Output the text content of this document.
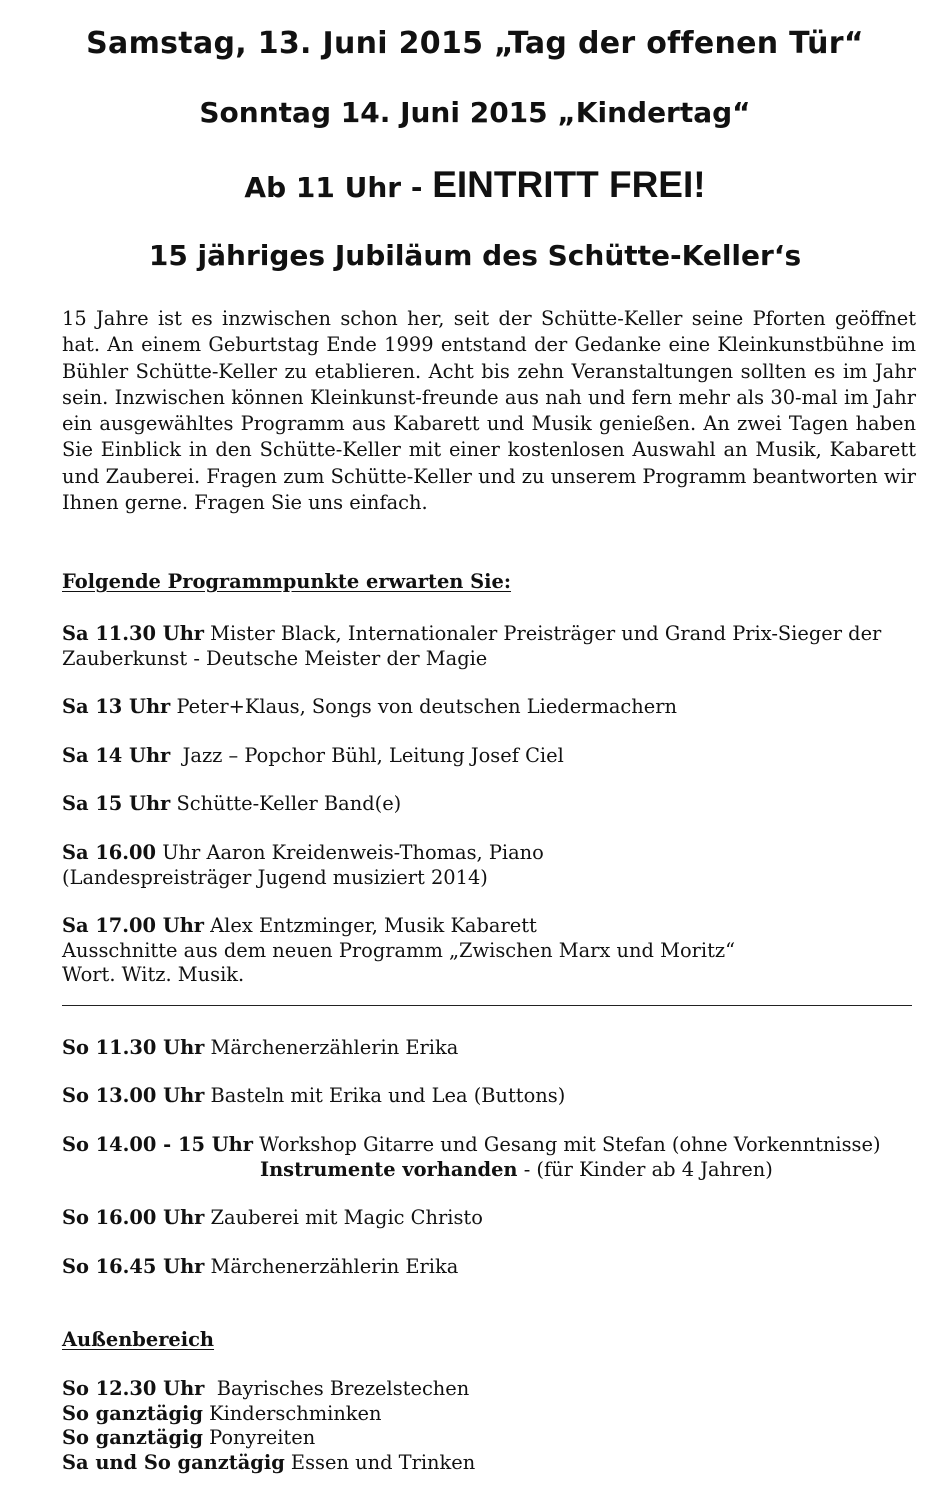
Samstag, 13. Juni 2015 „Tag der offenen Tür“
Sonntag 14. Juni 2015 „Kindertag“
Ab 11 Uhr - EINTRITT FREI!
15 jähriges Jubiläum des Schütte-Keller‘s

15 Jahre ist es inzwischen schon her, seit der Schütte-Keller seine Pforten geöffnet hat. An einem Geburtstag Ende 1999 entstand der Gedanke eine Kleinkunstbühne im Bühler Schütte-Keller zu etablieren. Acht bis zehn Veranstaltungen sollten es im Jahr sein. Inzwischen können Kleinkunst-freunde aus nah und fern mehr als 30-mal im Jahr ein ausgewähltes Programm aus Kabarett und Musik genießen. An zwei Tagen haben Sie Einblick in den Schütte-Keller mit einer kostenlosen Auswahl an Musik, Kabarett und Zauberei. Fragen zum Schütte-Keller und zu unserem Programm beantworten wir Ihnen gerne. Fragen Sie uns einfach.

Folgende Programmpunkte erwarten Sie:
Sa 11.30 Uhr Mister Black, Internationaler Preisträger und Grand Prix-Sieger der
Zauberkunst - Deutsche Meister der Magie
Sa 13 Uhr Peter+Klaus, Songs von deutschen Liedermachern
Sa 14 Uhr  Jazz – Popchor Bühl, Leitung Josef Ciel
Sa 15 Uhr Schütte-Keller Band(e)
Sa 16.00 Uhr Aaron Kreidenweis-Thomas, Piano
(Landespreisträger Jugend musiziert 2014)
Sa 17.00 Uhr Alex Entzminger, Musik Kabarett
Ausschnitte aus dem neuen Programm „Zwischen Marx und Moritz“
Wort. Witz. Musik.
So 11.30 Uhr Märchenerzählerin Erika
So 13.00 Uhr Basteln mit Erika und Lea (Buttons)
So 14.00 - 15 Uhr Workshop Gitarre und Gesang mit Stefan (ohne Vorkenntnisse)
Instrumente vorhanden - (für Kinder ab 4 Jahren)
So 16.00 Uhr Zauberei mit Magic Christo
So 16.45 Uhr Märchenerzählerin Erika
Außenbereich
So 12.30 Uhr  Bayrisches Brezelstechen
So ganztägig Kinderschminken
So ganztägig Ponyreiten
Sa und So ganztägig Essen und Trinken
